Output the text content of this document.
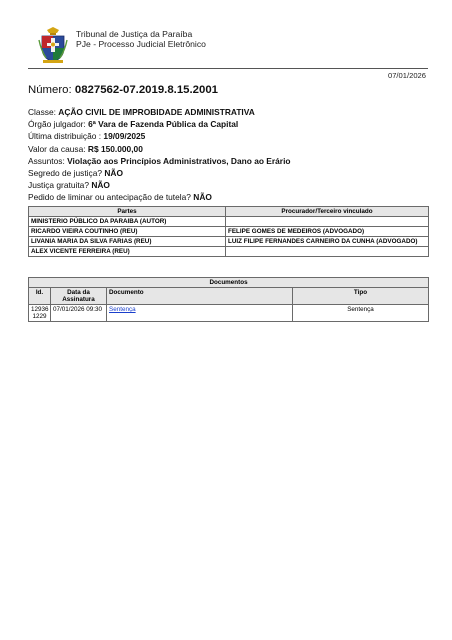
Tribunal de Justiça da Paraíba
PJe - Processo Judicial Eletrônico
07/01/2026
Número: 0827562-07.2019.8.15.2001
Classe: AÇÃO CIVIL DE IMPROBIDADE ADMINISTRATIVA
Órgão julgador: 6ª Vara de Fazenda Pública da Capital
Última distribuição : 19/09/2025
Valor da causa: R$ 150.000,00
Assuntos: Violação aos Princípios Administrativos, Dano ao Erário
Segredo de justiça? NÃO
Justiça gratuita? NÃO
Pedido de liminar ou antecipação de tutela? NÃO
Partes	Procurador/Terceiro vinculado
MINISTERIO PÚBLICO DA PARAIBA (AUTOR)	
RICARDO VIEIRA COUTINHO (REU)	FELIPE GOMES DE MEDEIROS (ADVOGADO)
LIVANIA MARIA DA SILVA FARIAS (REU)	LUIZ FILIPE FERNANDES CARNEIRO DA CUNHA (ADVOGADO)
ALEX VICENTE FERREIRA (REU)	
Documentos			
Id.	Data da Assinatura	Documento	Tipo
12936 1229	07/01/2026 09:30	Sentença	Sentença
